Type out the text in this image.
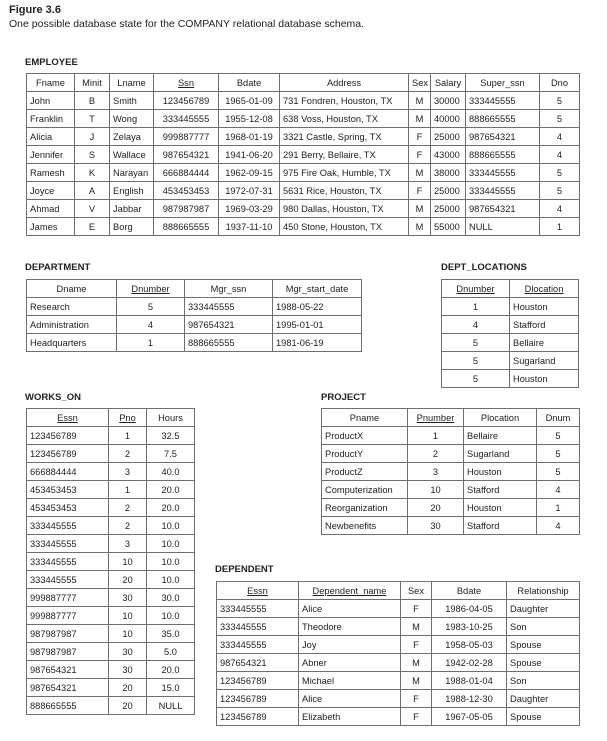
Figure 3.6
One possible database state for the COMPANY relational database schema.
EMPLOYEE
Fname	Minit	Lname	Ssn	Bdate	Address	Sex	Salary	Super_ssn	Dno
John	B	Smith	123456789	1965-01-09	731 Fondren, Houston, TX	M	30000	333445555	5
Franklin	T	Wong	333445555	1955-12-08	638 Voss, Houston, TX	M	40000	888665555	5
Alicia	J	Zelaya	999887777	1968-01-19	3321 Castle, Spring, TX	F	25000	987654321	4
Jennifer	S	Wallace	987654321	1941-06-20	291 Berry, Bellaire, TX	F	43000	888665555	4
Ramesh	K	Narayan	666884444	1962-09-15	975 Fire Oak, Humble, TX	M	38000	333445555	5
Joyce	A	English	453453453	1972-07-31	5631 Rice, Houston, TX	F	25000	333445555	5
Ahmad	V	Jabbar	987987987	1969-03-29	980 Dallas, Houston, TX	M	25000	987654321	4
James	E	Borg	888665555	1937-11-10	450 Stone, Houston, TX	M	55000	NULL	1
DEPARTMENT
Dname	Dnumber	Mgr_ssn	Mgr_start_date
Research	5	333445555	1988-05-22
Administration	4	987654321	1995-01-01
Headquarters	1	888665555	1981-06-19
DEPT_LOCATIONS
Dnumber	Dlocation
1	Houston
4	Stafford
5	Bellaire
5	Sugarland
5	Houston
WORKS_ON
Essn	Pno	Hours
123456789	1	32.5
123456789	2	7.5
666884444	3	40.0
453453453	1	20.0
453453453	2	20.0
333445555	2	10.0
333445555	3	10.0
333445555	10	10.0
333445555	20	10.0
999887777	30	30.0
999887777	10	10.0
987987987	10	35.0
987987987	30	5.0
987654321	30	20.0
987654321	20	15.0
888665555	20	NULL
PROJECT
Pname	Pnumber	Plocation	Dnum
ProductX	1	Bellaire	5
ProductY	2	Sugarland	5
ProductZ	3	Houston	5
Computerization	10	Stafford	4
Reorganization	20	Houston	1
Newbenefits	30	Stafford	4
DEPENDENT
Essn	Dependent_name	Sex	Bdate	Relationship
333445555	Alice	F	1986-04-05	Daughter
333445555	Theodore	M	1983-10-25	Son
333445555	Joy	F	1958-05-03	Spouse
987654321	Abner	M	1942-02-28	Spouse
123456789	Michael	M	1988-01-04	Son
123456789	Alice	F	1988-12-30	Daughter
123456789	Elizabeth	F	1967-05-05	Spouse
